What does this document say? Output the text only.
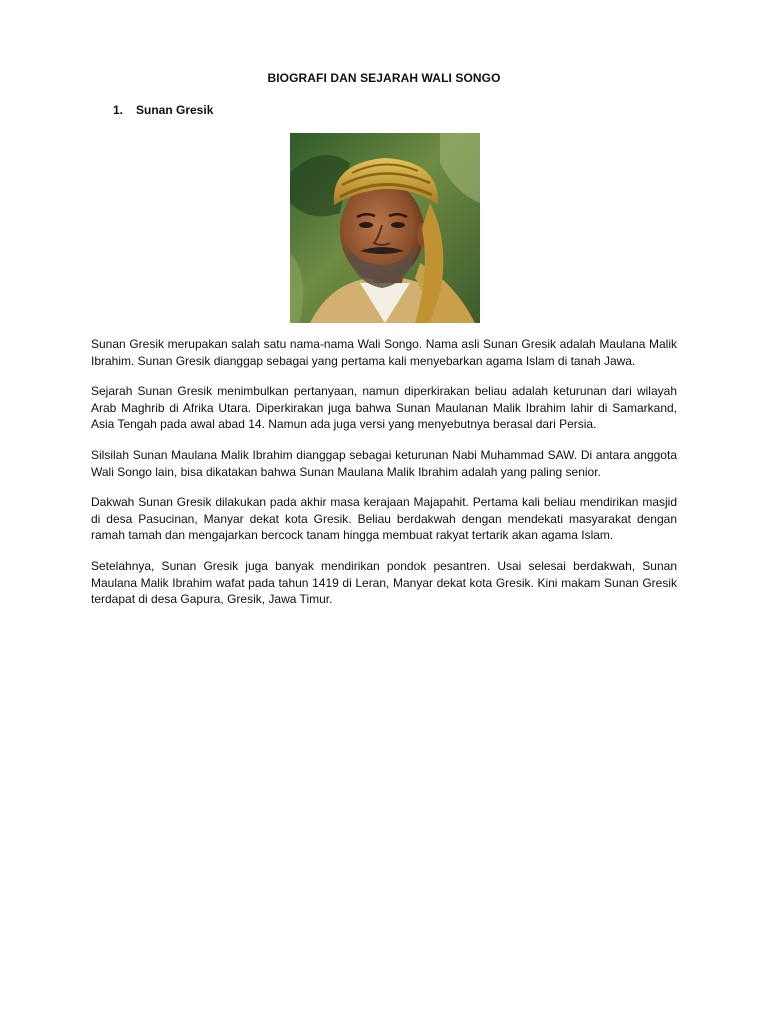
BIOGRAFI DAN SEJARAH WALI SONGO
1. Sunan Gresik

Sunan Gresik merupakan salah satu nama-nama Wali Songo. Nama asli Sunan Gresik adalah Maulana Malik Ibrahim. Sunan Gresik dianggap sebagai yang pertama kali menyebarkan agama Islam di tanah Jawa.

Sejarah Sunan Gresik menimbulkan pertanyaan, namun diperkirakan beliau adalah keturunan dari wilayah Arab Maghrib di Afrika Utara. Diperkirakan juga bahwa Sunan Maulanan Malik Ibrahim lahir di Samarkand, Asia Tengah pada awal abad 14. Namun ada juga versi yang menyebutnya berasal dari Persia.

Silsilah Sunan Maulana Malik Ibrahim dianggap sebagai keturunan Nabi Muhammad SAW. Di antara anggota Wali Songo lain, bisa dikatakan bahwa Sunan Maulana Malik Ibrahim adalah yang paling senior.

Dakwah Sunan Gresik dilakukan pada akhir masa kerajaan Majapahit. Pertama kali beliau mendirikan masjid di desa Pasucinan, Manyar dekat kota Gresik. Beliau berdakwah dengan mendekati masyarakat dengan ramah tamah dan mengajarkan bercock tanam hingga membuat rakyat tertarik akan agama Islam.

Setelahnya, Sunan Gresik juga banyak mendirikan pondok pesantren. Usai selesai berdakwah, Sunan Maulana Malik Ibrahim wafat pada tahun 1419 di Leran, Manyar dekat kota Gresik. Kini makam Sunan Gresik terdapat di desa Gapura, Gresik, Jawa Timur.
